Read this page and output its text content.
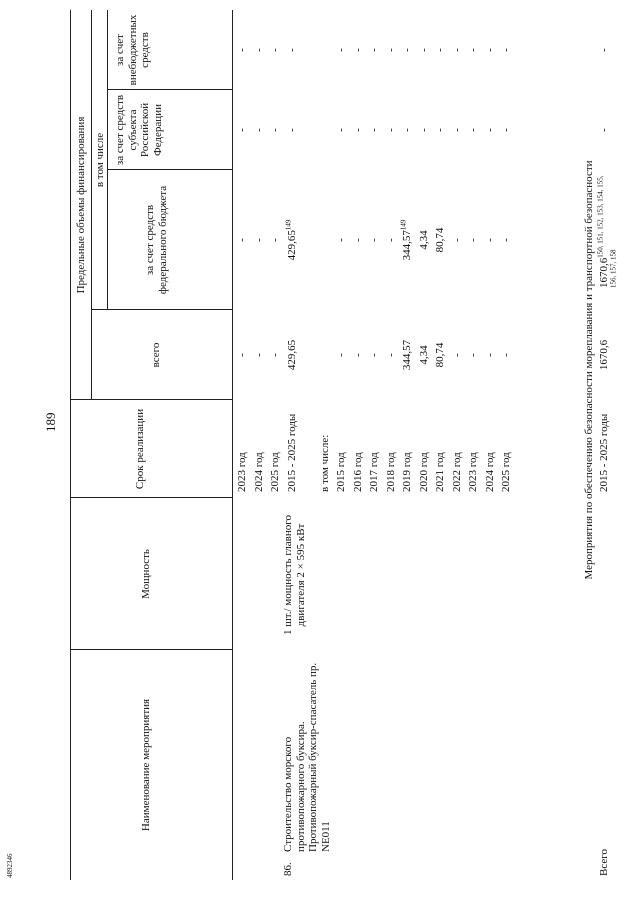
189
4892346
Наименование мероприятия
Мощность
Срок реализации
Предельные объемы финансирования
всего
в том числе
за счет средств федерального бюджета
за счет средств субъекта Российской Федерации
за счет внебюджетных средств
2023 год
-
-
-
-
2024 год
-
-
-
-
2025 год
-
-
-
-
2015 - 2025 годы
429,65
429,65$^{149}$
-
-
в том числе: 2015 год
-
-
-
-
2016 год
-
-
-
-
2017 год
-
-
-
-
2018 год
-
-
-
-
2019 год
344,57
344,57$^{149}$
-
-
2020 год
4,34
4,34
-
-
2021 год
80,74
80,74
-
-
2022 год
-
-
-
-
2023 год
-
-
-
-
2024 год
-
-
-
-
2025 год
-
-
-
-
86.
Строительство морского противопожарного буксира. Противопожарный буксир-спасатель пр. NE011
1 шт./ мощность главного двигателя 2 × 595 кВт	Мероприятия по обеспечению безопасности мореплавания и транспортной безопасности
Всего
2015 - 2025 годы
1670,6
1670,6$^{150, 151, 152, 153, 154, 155, 156, 157, 158}$
-
-
